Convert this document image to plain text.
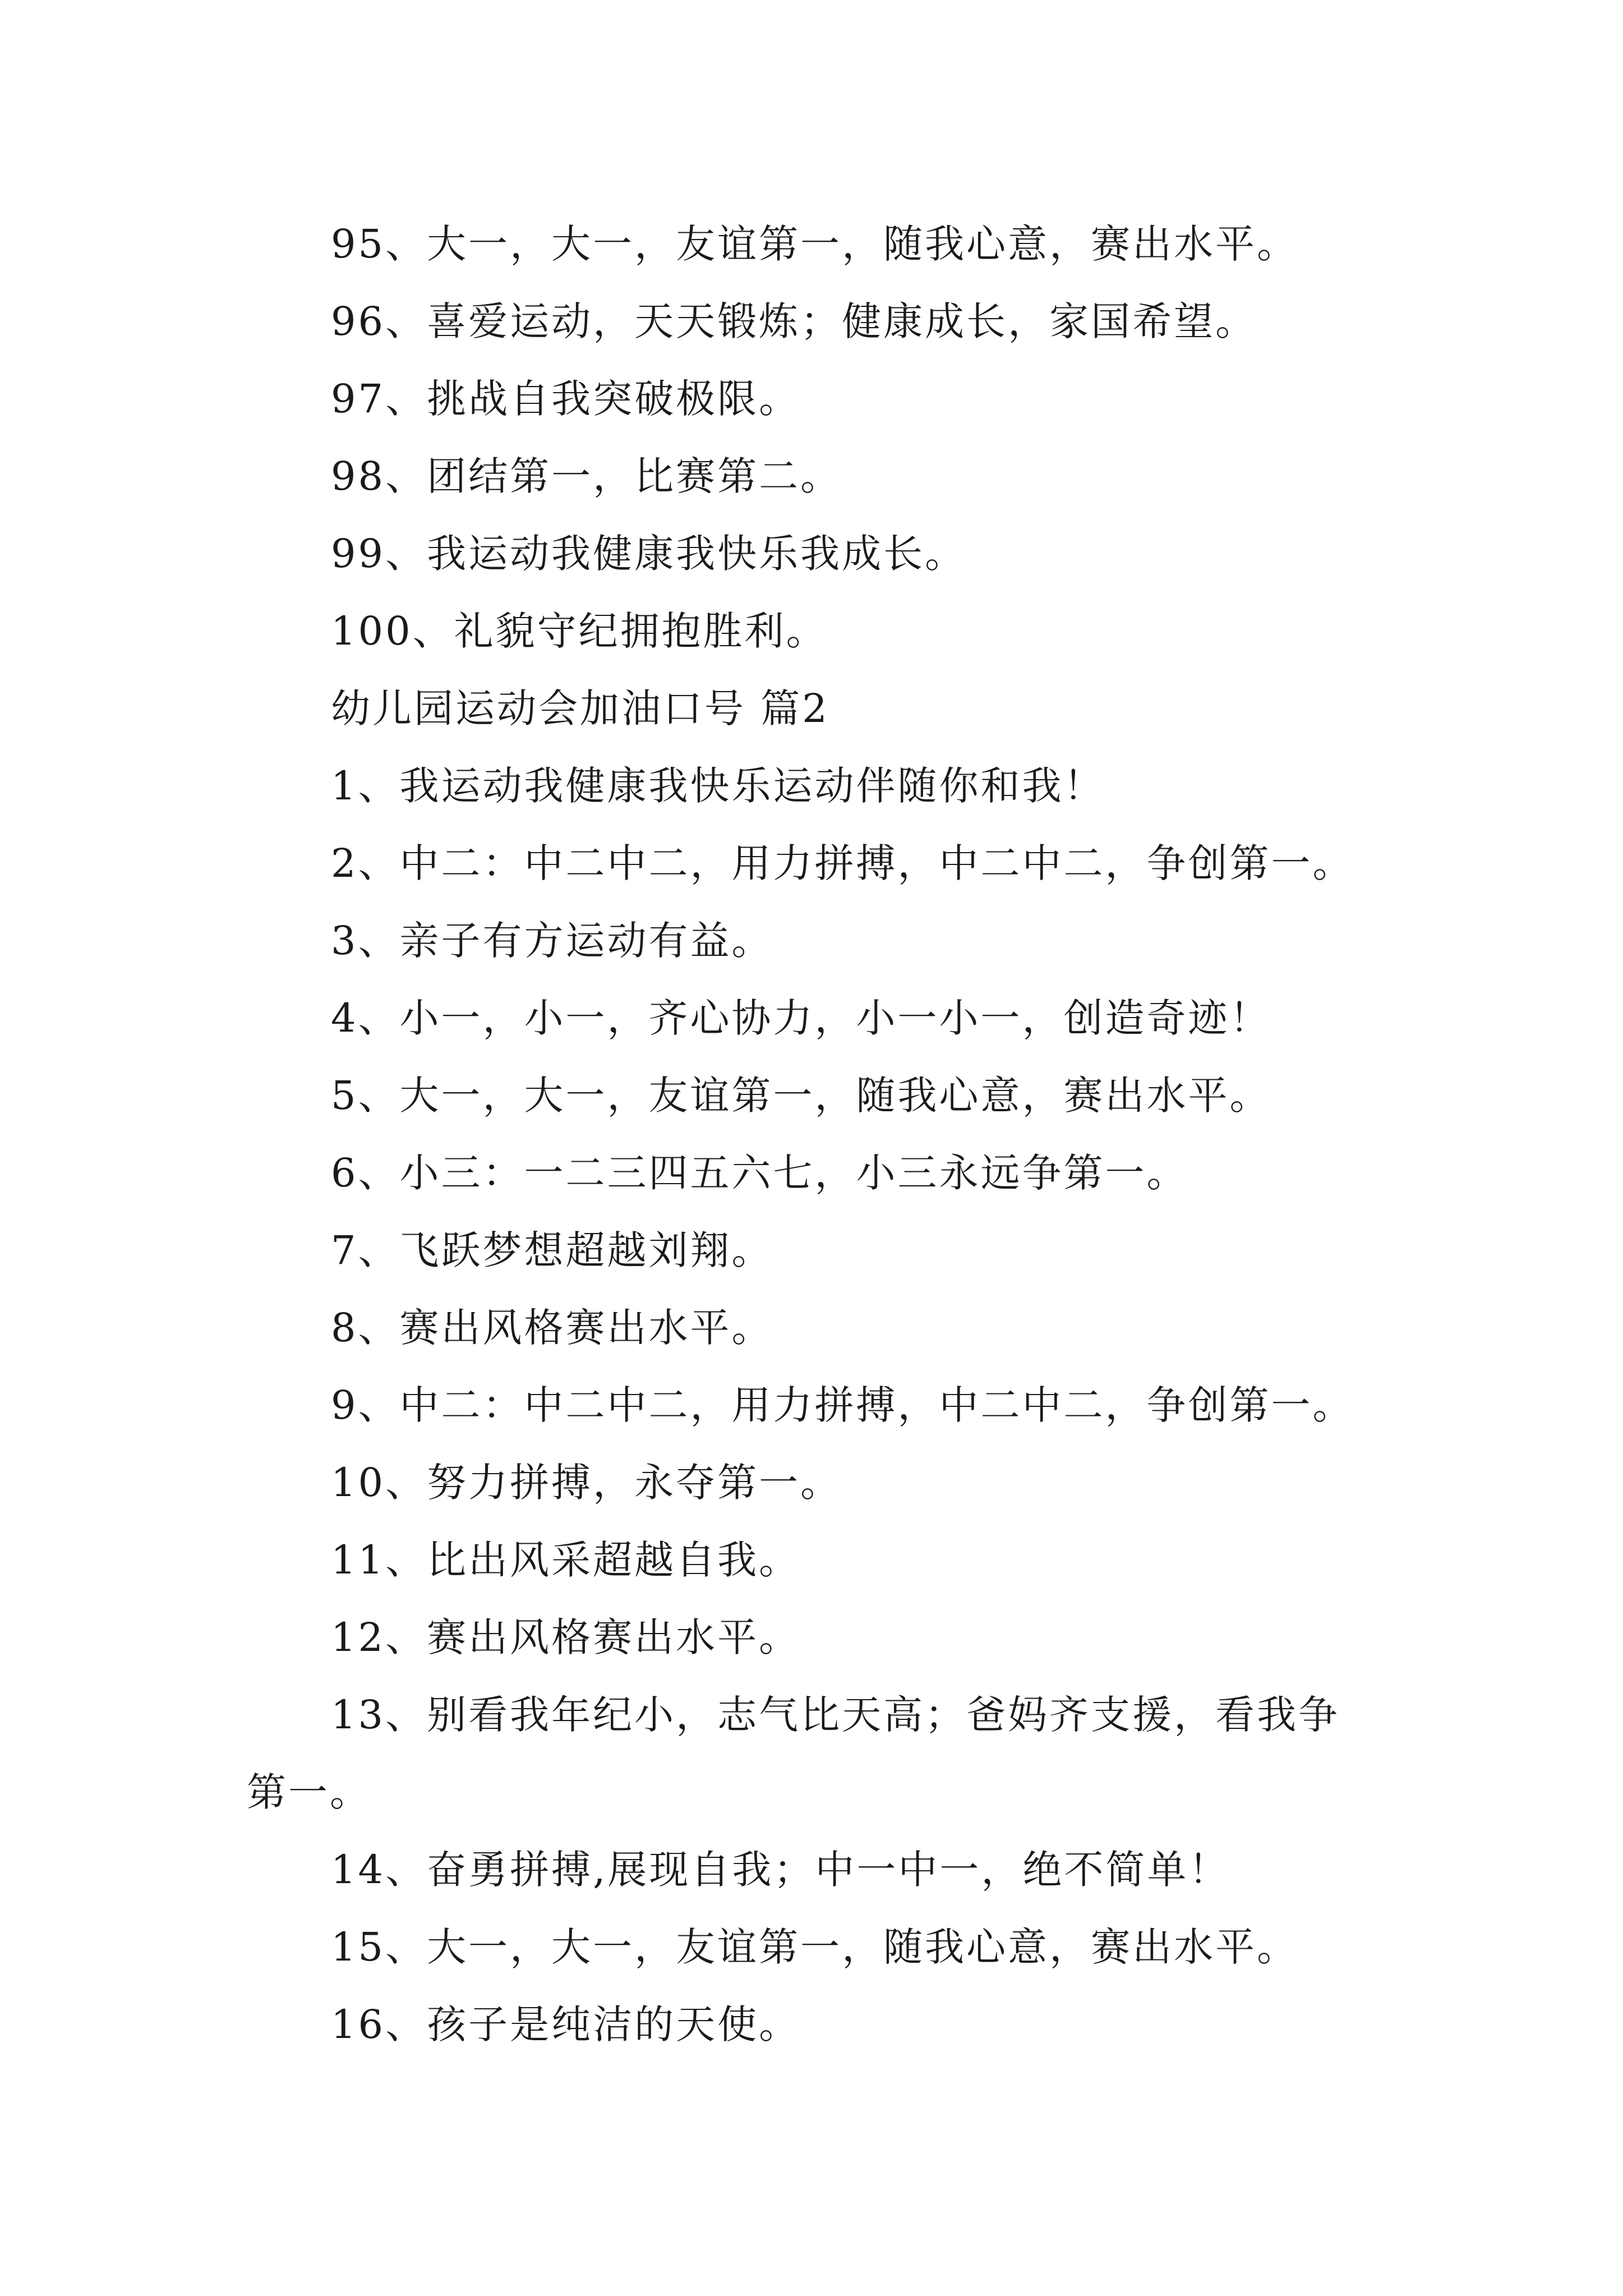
95、大一，大一，友谊第一，随我心意，赛出水平。
96、喜爱运动，天天锻炼；健康成长，家国希望。
97、挑战自我突破极限。
98、团结第一，比赛第二。
99、我运动我健康我快乐我成长。
100、礼貌守纪拥抱胜利。
幼儿园运动会加油口号 篇2
1、我运动我健康我快乐运动伴随你和我！
2、中二：中二中二，用力拼搏，中二中二，争创第一。
3、亲子有方运动有益。
4、小一，小一，齐心协力，小一小一，创造奇迹！
5、大一，大一，友谊第一，随我心意，赛出水平。
6、小三：一二三四五六七，小三永远争第一。
7、飞跃梦想超越刘翔。
8、赛出风格赛出水平。
9、中二：中二中二，用力拼搏，中二中二，争创第一。
10、努力拼搏，永夺第一。
11、比出风采超越自我。
12、赛出风格赛出水平。
13、别看我年纪小，志气比天高；爸妈齐支援，看我争
第一。
14、奋勇拼搏,展现自我；中一中一，绝不简单！
15、大一，大一，友谊第一，随我心意，赛出水平。
16、孩子是纯洁的天使。
